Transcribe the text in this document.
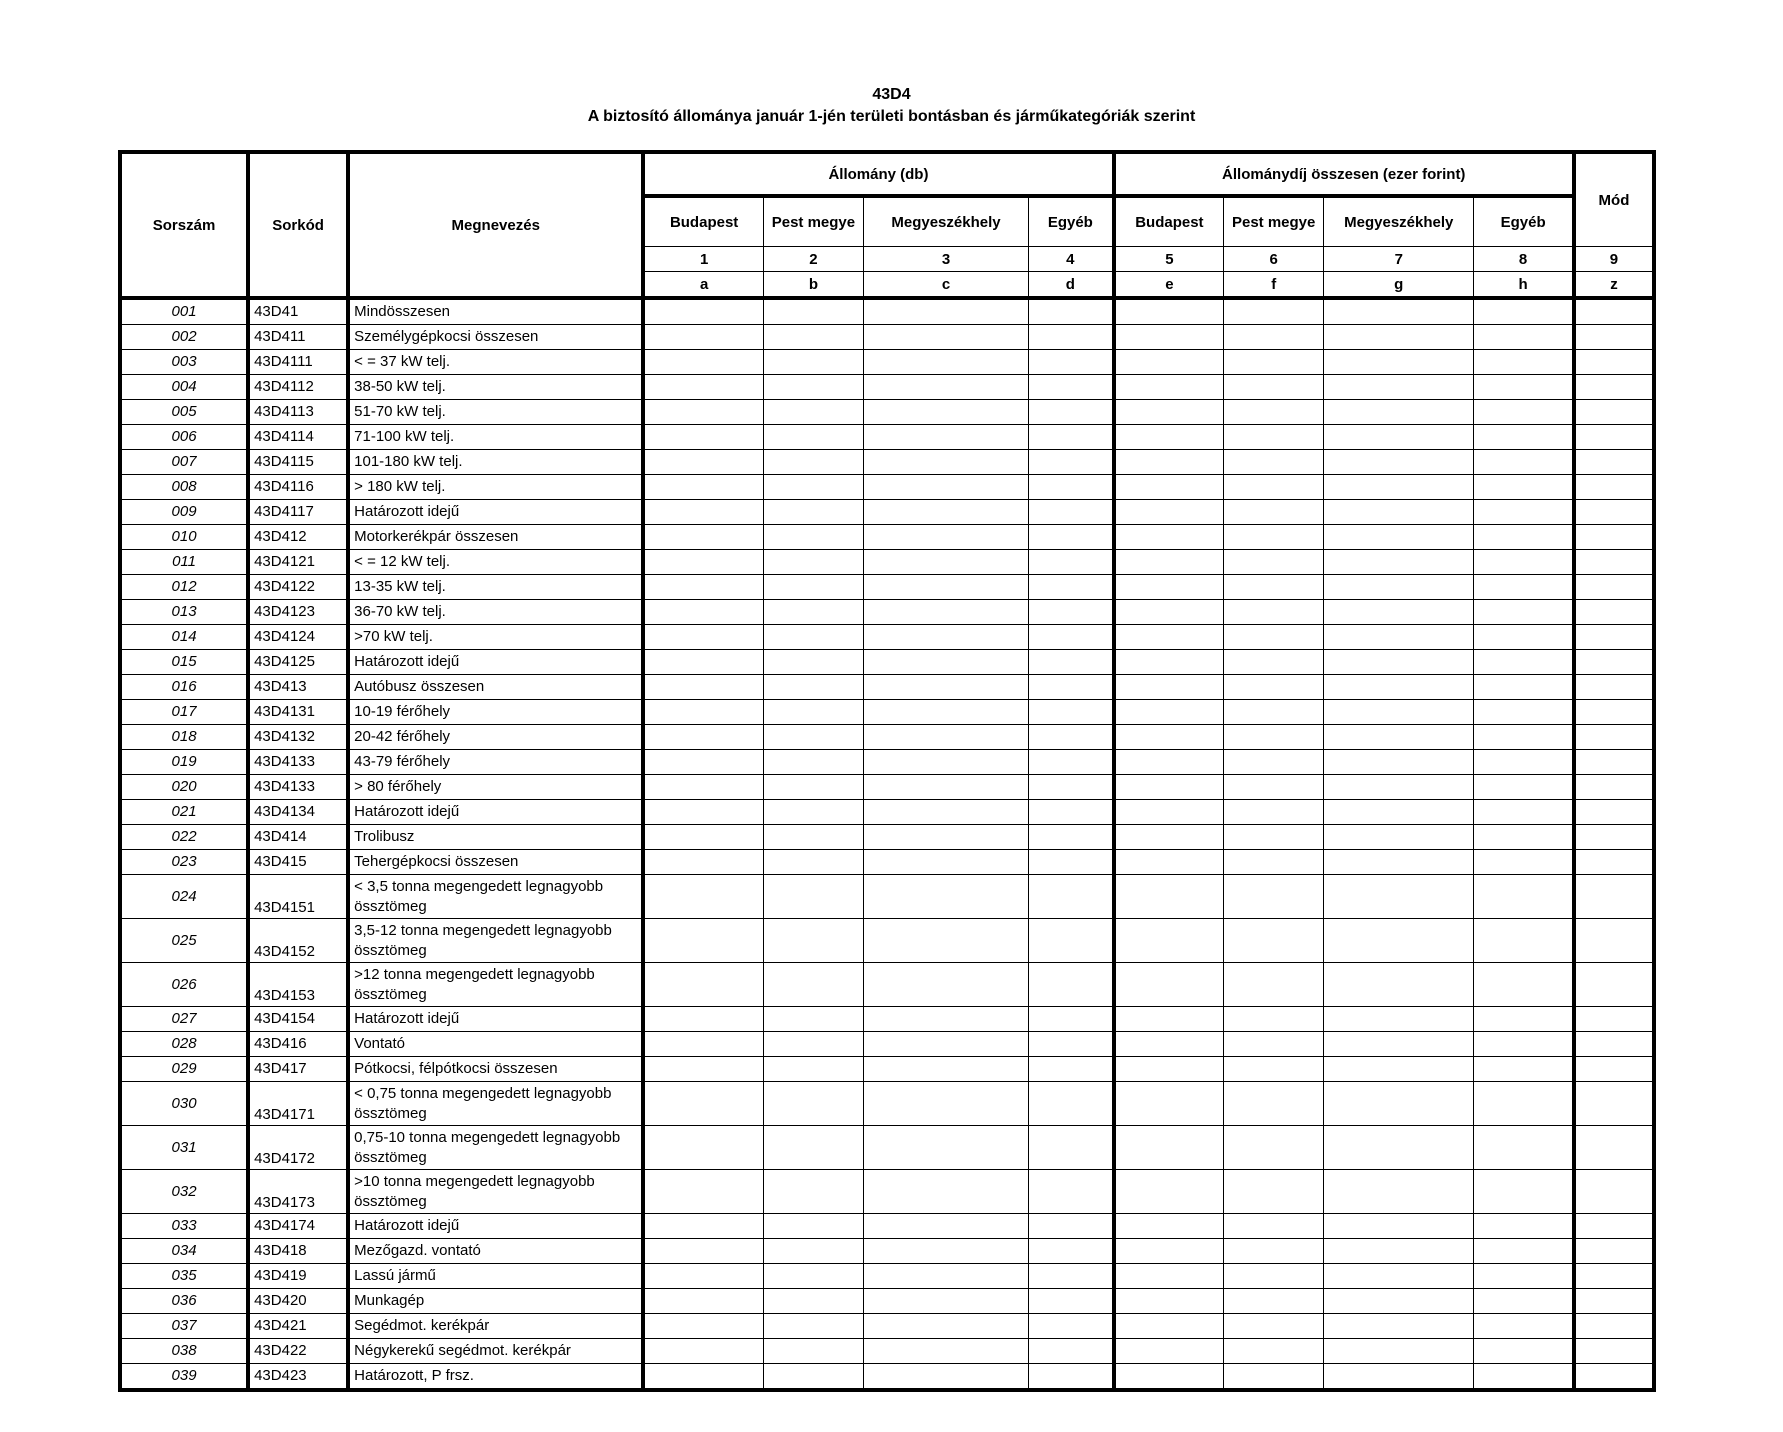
43D4
A biztosító állománya január 1-jén területi bontásban és járműkategóriák szerint
Sorszám	Sorkód	Megnevezés	Állomány (db)				Állománydíj összesen (ezer forint)				Mód
			Budapest	Pest megye	Megyeszékhely	Egyéb	Budapest	Pest megye	Megyeszékhely	Egyéb	
			1	2	3	4	5	6	7	8	9
			a	b	c	d	e	f	g	h	z
001	43D41	Mindösszesen									
002	43D411	Személygépkocsi összesen									
003	43D4111	< = 37 kW telj.									
004	43D4112	38-50 kW telj.									
005	43D4113	51-70 kW telj.									
006	43D4114	71-100 kW telj.									
007	43D4115	101-180 kW telj.									
008	43D4116	> 180 kW telj.									
009	43D4117	Határozott idejű									
010	43D412	Motorkerékpár összesen									
011	43D4121	< = 12 kW telj.									
012	43D4122	13-35 kW telj.									
013	43D4123	36-70 kW telj.									
014	43D4124	>70 kW telj.									
015	43D4125	Határozott idejű									
016	43D413	Autóbusz összesen									
017	43D4131	10-19 férőhely									
018	43D4132	20-42 férőhely									
019	43D4133	43-79 férőhely									
020	43D4133	> 80 férőhely									
021	43D4134	Határozott idejű									
022	43D414	Trolibusz									
023	43D415	Tehergépkocsi összesen									
024	43D4151	< 3,5 tonna megengedett legnagyobb össztömeg									
025	43D4152	3,5-12 tonna megengedett legnagyobb össztömeg									
026	43D4153	>12 tonna megengedett legnagyobb össztömeg									
027	43D4154	Határozott idejű									
028	43D416	Vontató									
029	43D417	Pótkocsi, félpótkocsi összesen									
030	43D4171	< 0,75 tonna megengedett legnagyobb össztömeg									
031	43D4172	0,75-10 tonna megengedett legnagyobb össztömeg									
032	43D4173	>10 tonna megengedett legnagyobb össztömeg									
033	43D4174	Határozott idejű									
034	43D418	Mezőgazd. vontató									
035	43D419	Lassú jármű									
036	43D420	Munkagép									
037	43D421	Segédmot. kerékpár									
038	43D422	Négykerekű segédmot. kerékpár									
039	43D423	Határozott, P frsz.									
